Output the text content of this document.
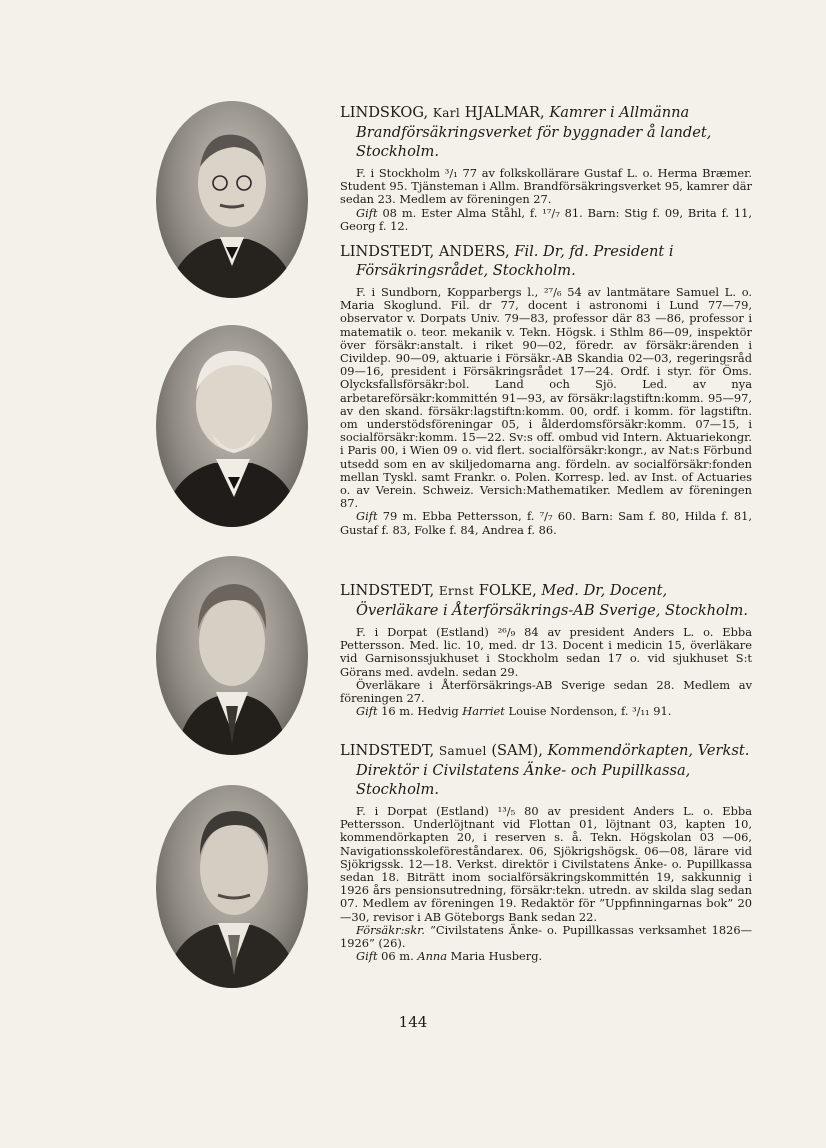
LINDSKOG, Karl HJALMAR, Kamrer i Allmänna Brandförsäkringsverket för byggnader å landet, Stockholm.

F. i Stockholm ³/₁ 77 av folkskollärare Gustaf L. o. Herma Bræmer. Student 95. Tjänsteman i Allm. Brandförsäkringsverket 95, kamrer där sedan 23. Medlem av föreningen 27.

Gift 08 m. Ester Alma Ståhl, f. ¹⁷/₇ 81. Barn: Stig f. 09, Brita f. 11, Georg f. 12.

LINDSTEDT, ANDERS, Fil. Dr, fd. President i Försäkringsrådet, Stockholm.

F. i Sundborn, Kopparbergs l., ²⁷/₆ 54 av lantmätare Samuel L. o. Maria Skoglund. Fil. dr 77, docent i astronomi i Lund 77—79, observator v. Dorpats Univ. 79—83, professor där 83 —86, professor i matematik o. teor. mekanik v. Tekn. Högsk. i Sthlm 86—09, inspektör över försäkr:anstalt. i riket 90—02, föredr. av försäkr:ärenden i Civildep. 90—09, aktuarie i Försäkr.-AB Skandia 02—03, regeringsråd 09—16, president i Försäkringsrådet 17—24. Ordf. i styr. för Öms. Olycksfallsförsäkr:bol. Land och Sjö. Led. av nya arbetareförsäkr:kommittén 91—93, av försäkr:lagstiftn:komm. 95—97, av den skand. försäkr:lagstiftn:komm. 00, ordf. i komm. för lagstiftn. om understödsföreningar 05, i ålderdomsförsäkr:komm. 07—15, i socialförsäkr:komm. 15—22. Sv:s off. ombud vid Intern. Aktuariekongr. i Paris 00, i Wien 09 o. vid flert. socialförsäkr:kongr., av Nat:s Förbund utsedd som en av skiljedomarna ang. fördeln. av socialförsäkr:fonden mellan Tyskl. samt Frankr. o. Polen. Korresp. led. av Inst. of Actuaries o. av Verein. Schweiz. Versich:Mathematiker. Medlem av föreningen 87.

Gift 79 m. Ebba Pettersson, f. ⁷/₇ 60. Barn: Sam f. 80, Hilda f. 81, Gustaf f. 83, Folke f. 84, Andrea f. 86.

LINDSTEDT, Ernst FOLKE, Med. Dr, Docent, Överläkare i Återförsäkrings-AB Sverige, Stockholm.

F. i Dorpat (Estland) ²⁶/₉ 84 av president Anders L. o. Ebba Pettersson. Med. lic. 10, med. dr 13. Docent i medicin 15, överläkare vid Garnisonssjukhuset i Stockholm sedan 17 o. vid sjukhuset S:t Görans med. avdeln. sedan 29.

Överläkare i Återförsäkrings-AB Sverige sedan 28. Medlem av föreningen 27.

Gift 16 m. Hedvig Harriet Louise Nordenson, f. ³/₁₁ 91.

LINDSTEDT, Samuel (SAM), Kommendörkapten, Verkst. Direktör i Civilstatens Änke- och Pupillkassa, Stockholm.

F. i Dorpat (Estland) ¹³/₅ 80 av president Anders L. o. Ebba Pettersson. Underlöjtnant vid Flottan 01, löjtnant 03, kapten 10, kommendörkapten 20, i reserven s. å. Tekn. Högskolan 03 —06, Navigationsskoleföreståndarex. 06, Sjökrigshögsk. 06—08, lärare vid Sjökrigssk. 12—18. Verkst. direktör i Civilstatens Änke- o. Pupillkassa sedan 18. Biträtt inom socialförsäkringskommittén 19, sakkunnig i 1926 års pensionsutredning, försäkr:tekn. utredn. av skilda slag sedan 07. Medlem av föreningen 19. Redaktör för ”Uppfinningarnas bok” 20—30, revisor i AB Göteborgs Bank sedan 22.

Försäkr:skr. ”Civilstatens Änke- o. Pupillkassas verksamhet 1826—1926” (26).

Gift 06 m. Anna Maria Husberg.

144
